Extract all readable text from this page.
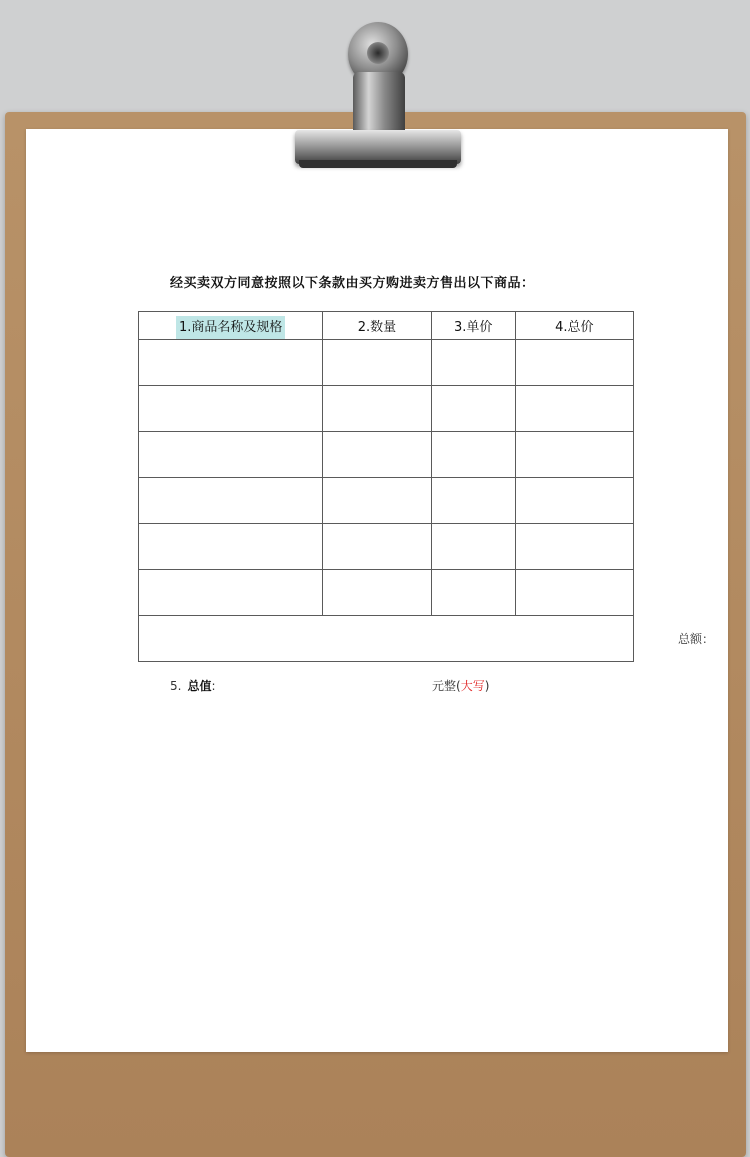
经买卖双方同意按照以下条款由买方购进卖方售出以下商品：
1.商品名称及规格	2.数量	3.单价	4.总价

总额：			
5. 总值:	元整(大写)
